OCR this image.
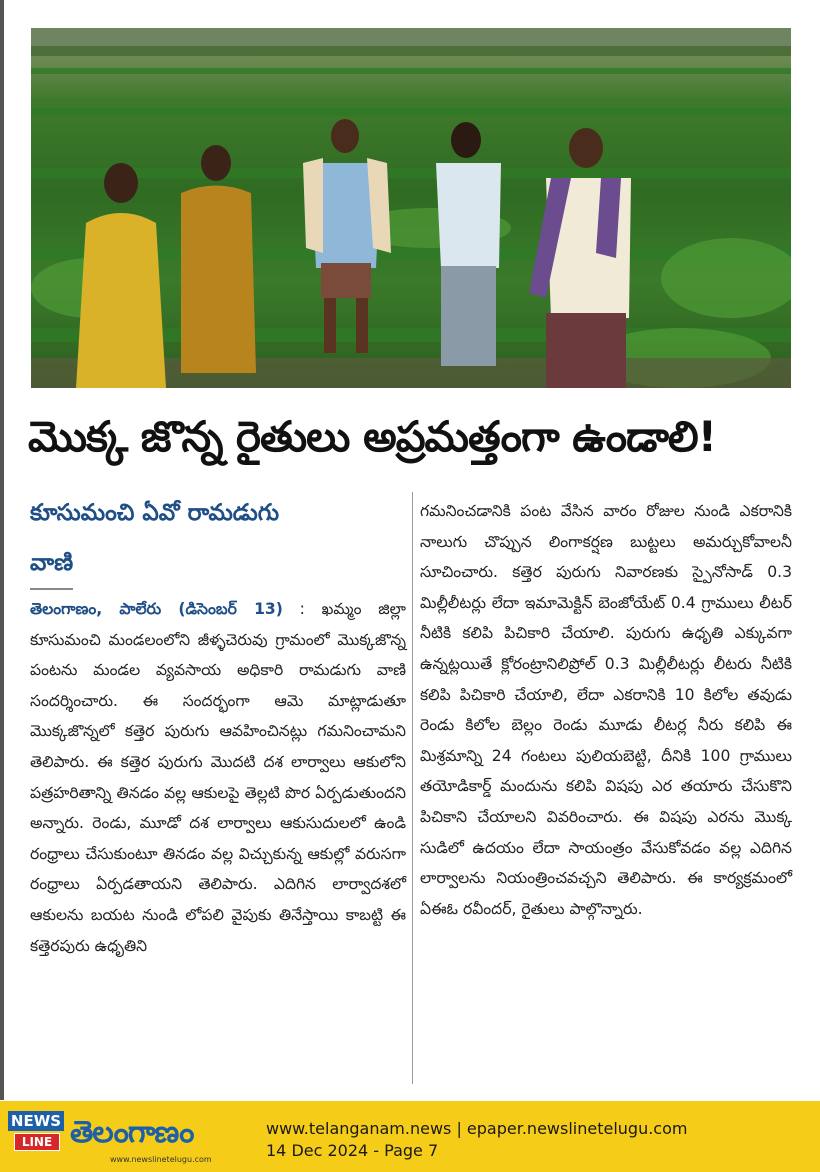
మొక్క జొన్న రైతులు అప్రమత్తంగా ఉండాలి!
కూసుమంచి ఏవో రామడుగు
వాణి
తెలంగాణం, పాలేరు (డిసెంబర్ 13) : ఖమ్మం జిల్లా కూసుమంచి మండలంలోని జీళ్ళచెరువు గ్రామంలో మొక్కజొన్న పంటను మండల వ్యవసాయ అధికారి రామడుగు వాణి సందర్శించారు. ఈ సందర్భంగా ఆమె మాట్లాడుతూ మొక్కజొన్నలో కత్తెర పురుగు ఆవహించినట్లు గమనించామని తెలిపారు. ఈ కత్తెర పురుగు మొదటి దశ లార్వాలు ఆకులోని పత్రహరితాన్ని తినడం వల్ల ఆకులపై తెల్లటి పొర ఏర్పడుతుందని అన్నారు. రెండు, మూడో దశ లార్వాలు ఆకుసుదులలో ఉండి రంధ్రాలు చేసుకుంటూ తినడం వల్ల విచ్చుకున్న ఆకుల్లో వరుసగా రంధ్రాలు ఏర్పడతాయని తెలిపారు. ఎదిగిన లార్వాదశలో ఆకులను బయట నుండి లోపలి వైపుకు తినేస్తాయి కాబట్టి ఈ కత్తెరపురు ఉధృతిని
గమనించడానికి పంట వేసిన వారం రోజుల నుండి ఎకరానికి నాలుగు చొప్పున లింగాకర్షణ బుట్టలు అమర్చుకోవాలనీ సూచించారు. కత్తెర పురుగు నివారణకు స్పైనోసాడ్ 0.3 మిల్లీలీటర్లు లేదా ఇమామెక్టిన్ బెంజోయేట్ 0.4 గ్రాములు లీటర్ నీటికి కలిపి పిచికారి చేయాలి. పురుగు ఉధృతి ఎక్కువగా ఉన్నట్లయితే క్లోరంట్రానిలిప్రోల్ 0.3 మిల్లీలీటర్లు లీటరు నీటికి కలిపి పిచికారి చేయాలి, లేదా ఎకరానికి 10 కిలోల తవుడు రెండు కిలోల బెల్లం రెండు మూడు లీటర్ల నీరు కలిపి ఈ మిశ్రమాన్ని 24 గంటలు పులియబెట్టి, దీనికి 100 గ్రాములు తయోడికార్డ్ మందును కలిపి విషపు ఎర తయారు చేసుకొని పిచికాని చేయాలని వివరించారు. ఈ విషపు ఎరను మొక్క సుడిలో ఉదయం లేదా సాయంత్రం వేసుకోవడం వల్ల ఎదిగిన లార్వాలను నియంత్రించవచ్చని తెలిపారు. ఈ కార్యక్రమంలో ఏఈఓ రవీందర్, రైతులు పాల్గొన్నారు.
NEWS
LINE తెలంగాణం
www.newslinetelugu.com
www.telanganam.news | epaper.newslinetelugu.com
14 Dec 2024 - Page 7
